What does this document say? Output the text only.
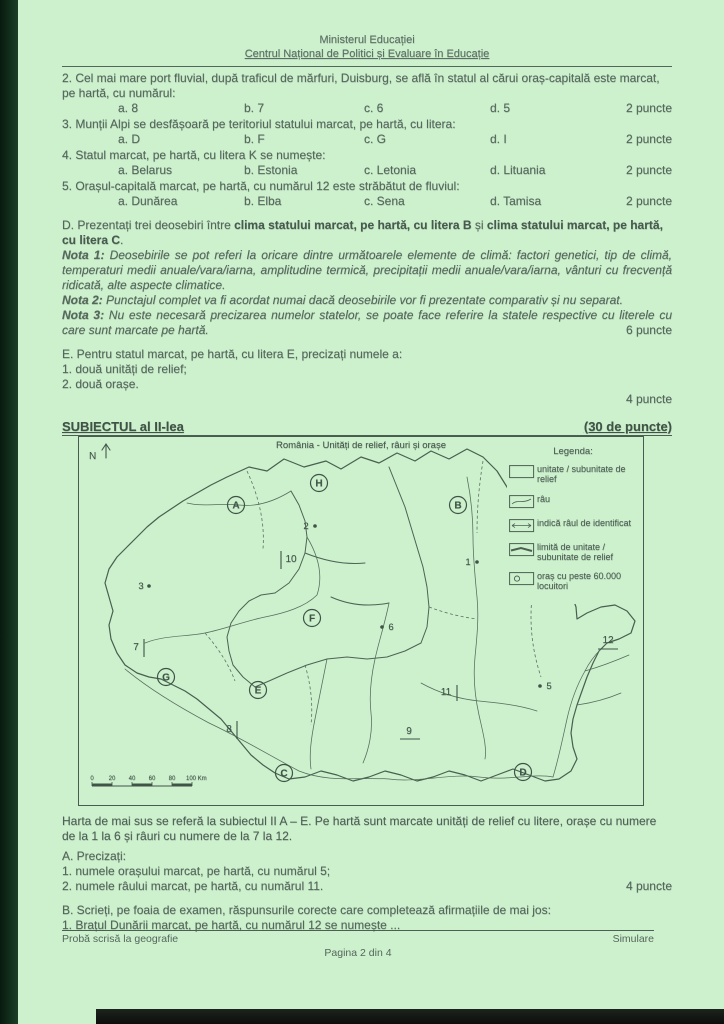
Ministerul Educației
Centrul Național de Politici și Evaluare în Educație
2. Cel mai mare port fluvial, după traficul de mărfuri, Duisburg, se află în statul al cărui oraș-capitală este marcat, pe hartă, cu numărul:
a. 8	b. 7	c. 6	d. 5	2 puncte
3. Munții Alpi se desfășoară pe teritoriul statului marcat, pe hartă, cu litera:
a. D	b. F	c. G	d. I	2 puncte
4. Statul marcat, pe hartă, cu litera K se numește:
a. Belarus	b. Estonia	c. Letonia	d. Lituania	2 puncte
5. Orașul-capitală marcat, pe hartă, cu numărul 12 este străbătut de fluviul:
a. Dunărea	b. Elba	c. Sena	d. Tamisa	2 puncte
D. Prezentați trei deosebiri între clima statului marcat, pe hartă, cu litera B și clima statului marcat, pe hartă, cu litera C.

Nota 1: Deosebirile se pot referi la oricare dintre următoarele elemente de climă: factori genetici, tip de climă, temperaturi medii anuale/vara/iarna, amplitudine termică, precipitații medii anuale/vara/iarna, vânturi cu frecvență ridicată, alte aspecte climatice.

Nota 2: Punctajul complet va fi acordat numai dacă deosebirile vor fi prezentate comparativ și nu separat.

Nota 3: Nu este necesară precizarea numelor statelor, se poate face referire la statele respective cu literele cu care sunt marcate pe hartă.	6 puncte
E. Pentru statul marcat, pe hartă, cu litera E, precizați numele a:
1. două unități de relief;
2. două orașe.
4 puncte
SUBIECTUL al II-lea	(30 de puncte)
A
H
B
F
G
E
C	D
1
2
3
5
6
7
8	9
10
11
12
România - Unități de relief, râuri și orașe
N	Legenda:
unitate / subunitate de relief
râu
indică râul de identificat
limită de unitate / subunitate de relief
oraș cu peste 60.000 locuitori
0 20 40 60 80 100 Km
Harta de mai sus se referă la subiectul II A – E. Pe hartă sunt marcate unități de relief cu litere, orașe cu numere de la 1 la 6 și râuri cu numere de la 7 la 12.
A. Precizați:
1. numele orașului marcat, pe hartă, cu numărul 5;
2. numele râului marcat, pe hartă, cu numărul 11.	4 puncte
B. Scrieți, pe foaia de examen, răspunsurile corecte care completează afirmațiile de mai jos:
1. Brațul Dunării marcat, pe hartă, cu numărul 12 se numește ...
Probă scrisă la geografie	Simulare
Pagina 2 din 4
